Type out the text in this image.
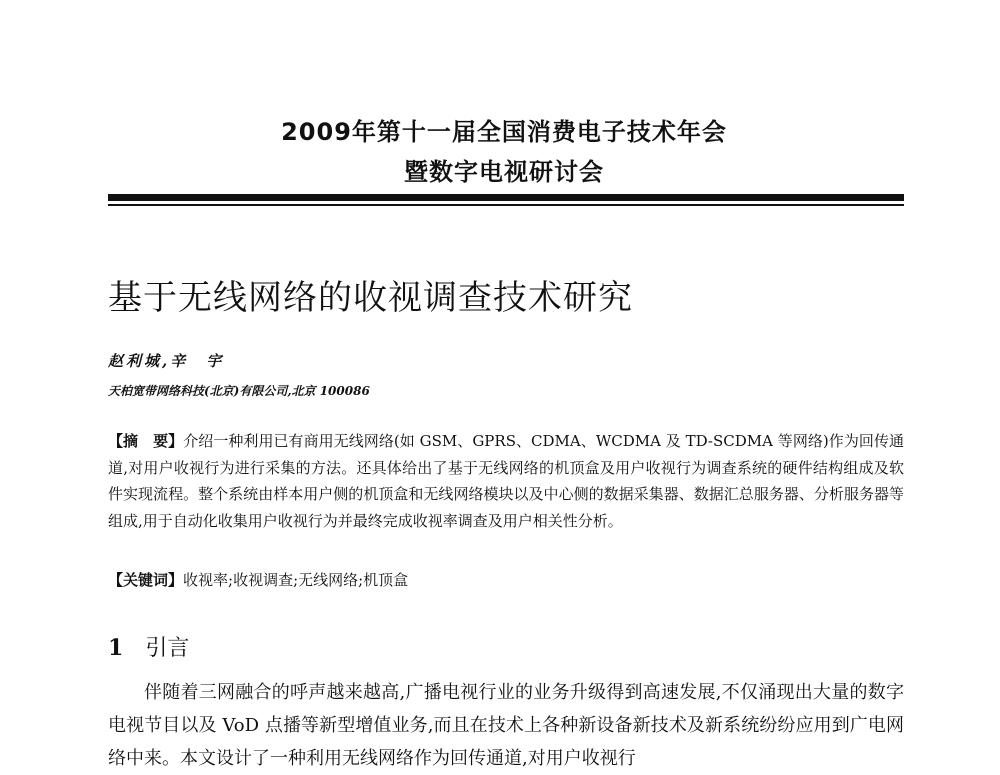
2009年第十一届全国消费电子技术年会
暨数字电视研讨会
基于无线网络的收视调查技术研究
赵利城,辛　宇
天柏宽带网络科技(北京)有限公司,北京 100086
【摘　要】介绍一种利用已有商用无线网络(如 GSM、GPRS、CDMA、WCDMA 及 TD-SCDMA 等网络)作为回传通道,对用户收视行为进行采集的方法。还具体给出了基于无线网络的机顶盒及用户收视行为调查系统的硬件结构组成及软件实现流程。整个系统由样本用户侧的机顶盒和无线网络模块以及中心侧的数据采集器、数据汇总服务器、分析服务器等组成,用于自动化收集用户收视行为并最终完成收视率调查及用户相关性分析。
【关键词】收视率;收视调查;无线网络;机顶盒
1 引言
伴随着三网融合的呼声越来越高,广播电视行业的业务升级得到高速发展,不仅涌现出大量的数字电视节目以及 VoD 点播等新型增值业务,而且在技术上各种新设备新技术及新系统纷纷应用到广电网络中来。本文设计了一种利用无线网络作为回传通道,对用户收视行
